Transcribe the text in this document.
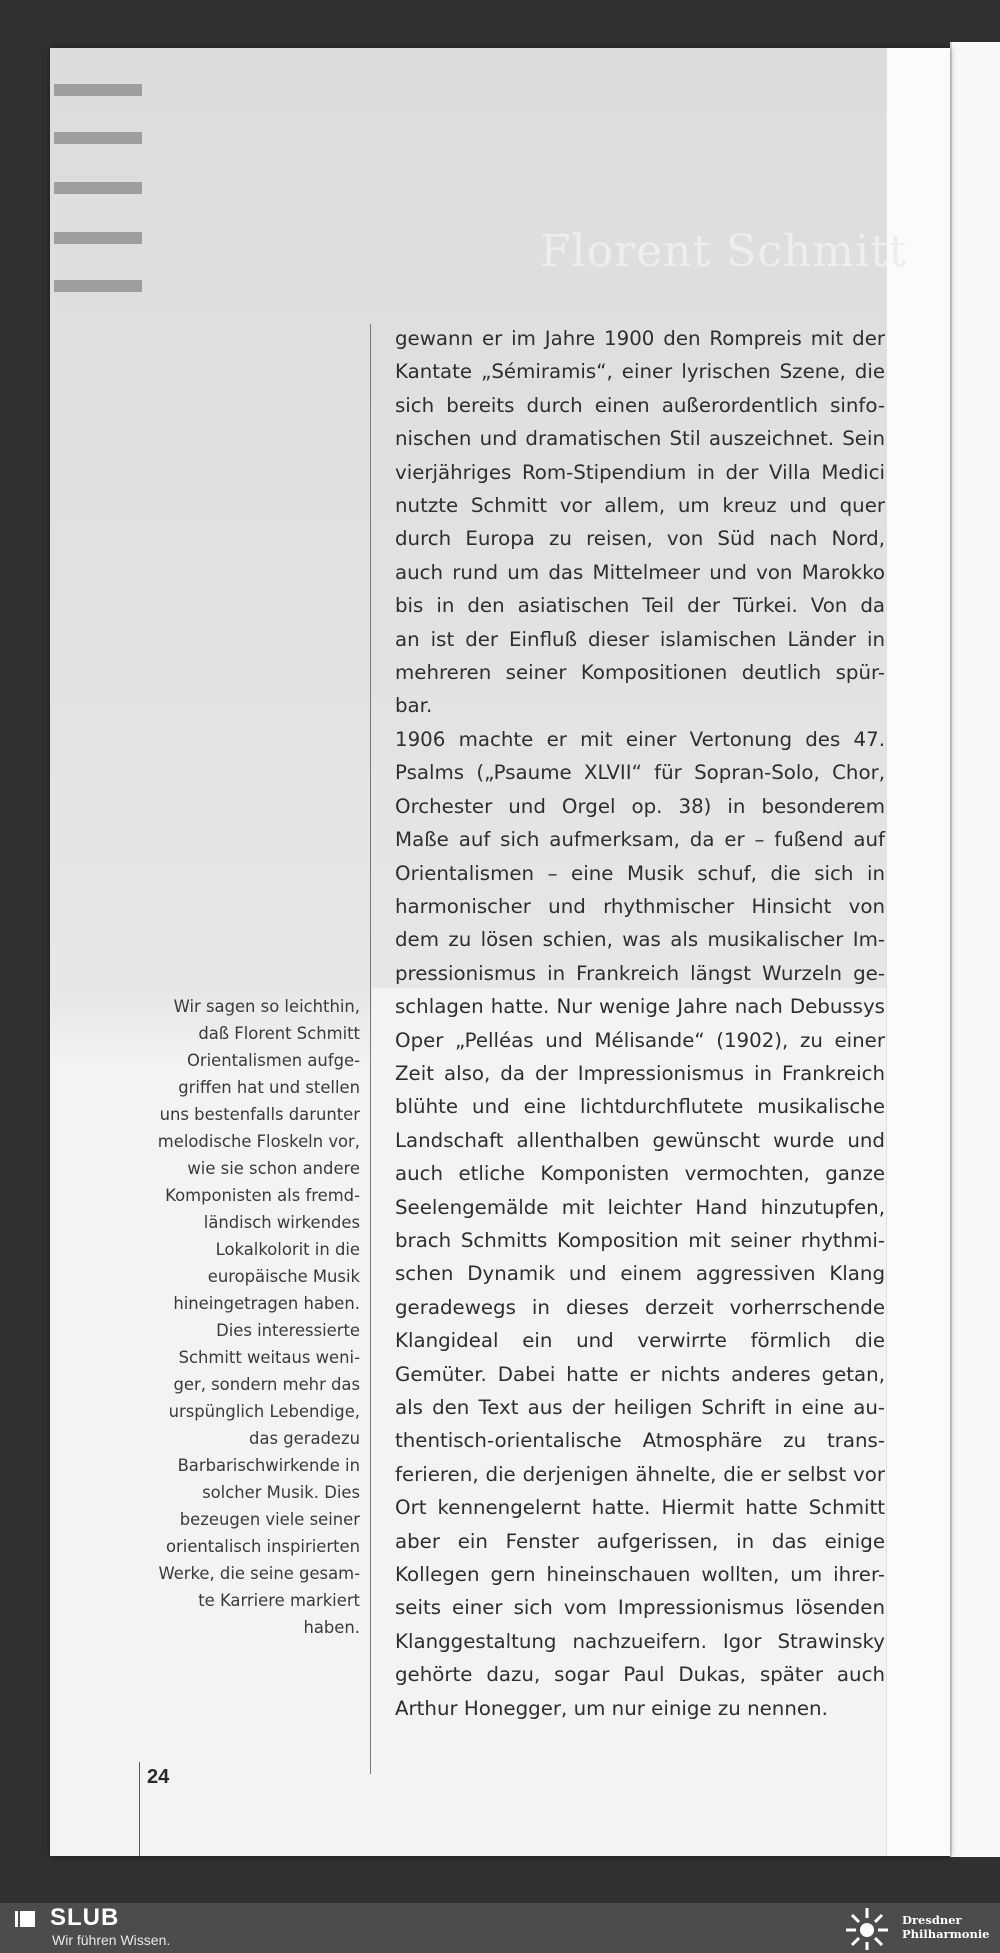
Florent Schmitt
Wir sagen so leichthin,
daß Florent Schmitt
Orientalismen aufge-
griffen hat und stellen
uns bestenfalls darunter
melodische Floskeln vor,
wie sie schon andere
Komponisten als fremd-
ländisch wirkendes
Lokalkolorit in die
europäische Musik
hineingetragen haben.
Dies interessierte
Schmitt weitaus weni-
ger, sondern mehr das
urspünglich Lebendige,
das geradezu
Barbarischwirkende in
solcher Musik. Dies
bezeugen viele seiner
orientalisch inspirierten
Werke, die seine gesam-
te Karriere markiert
haben.
gewann er im Jahre 1900 den Rompreis mit der
Kantate „Sémiramis“, einer lyrischen Szene, die
sich bereits durch einen außerordentlich sinfo-
nischen und dramatischen Stil auszeichnet. Sein
vierjähriges Rom-Stipendium in der Villa Medici
nutzte Schmitt vor allem, um kreuz und quer
durch Europa zu reisen, von Süd nach Nord,
auch rund um das Mittelmeer und von Marokko
bis in den asiatischen Teil der Türkei. Von da
an ist der Einfluß dieser islamischen Länder in
mehreren seiner Kompositionen deutlich spür-
bar.
1906 machte er mit einer Vertonung des 47.
Psalms („Psaume XLVII“ für Sopran-Solo, Chor,
Orchester und Orgel op. 38) in besonderem
Maße auf sich aufmerksam, da er – fußend auf
Orientalismen – eine Musik schuf, die sich in
harmonischer und rhythmischer Hinsicht von
dem zu lösen schien, was als musikalischer Im-
pressionismus in Frankreich längst Wurzeln ge-
schlagen hatte. Nur wenige Jahre nach Debussys
Oper „Pelléas und Mélisande“ (1902), zu einer
Zeit also, da der Impressionismus in Frankreich
blühte und eine lichtdurchflutete musikalische
Landschaft allenthalben gewünscht wurde und
auch etliche Komponisten vermochten, ganze
Seelengemälde mit leichter Hand hinzutupfen,
brach Schmitts Komposition mit seiner rhythmi-
schen Dynamik und einem aggressiven Klang
geradewegs in dieses derzeit vorherrschende
Klangideal ein und verwirrte förmlich die
Gemüter. Dabei hatte er nichts anderes getan,
als den Text aus der heiligen Schrift in eine au-
thentisch-orientalische Atmosphäre zu trans-
ferieren, die derjenigen ähnelte, die er selbst vor
Ort kennengelernt hatte. Hiermit hatte Schmitt
aber ein Fenster aufgerissen, in das einige
Kollegen gern hineinschauen wollten, um ihrer-
seits einer sich vom Impressionismus lösenden
Klanggestaltung nachzueifern. Igor Strawinsky
gehörte dazu, sogar Paul Dukas, später auch
Arthur Honegger, um nur einige zu nennen.
24
SLUB
Wir führen Wissen.
Dresdner
Philharmonie
